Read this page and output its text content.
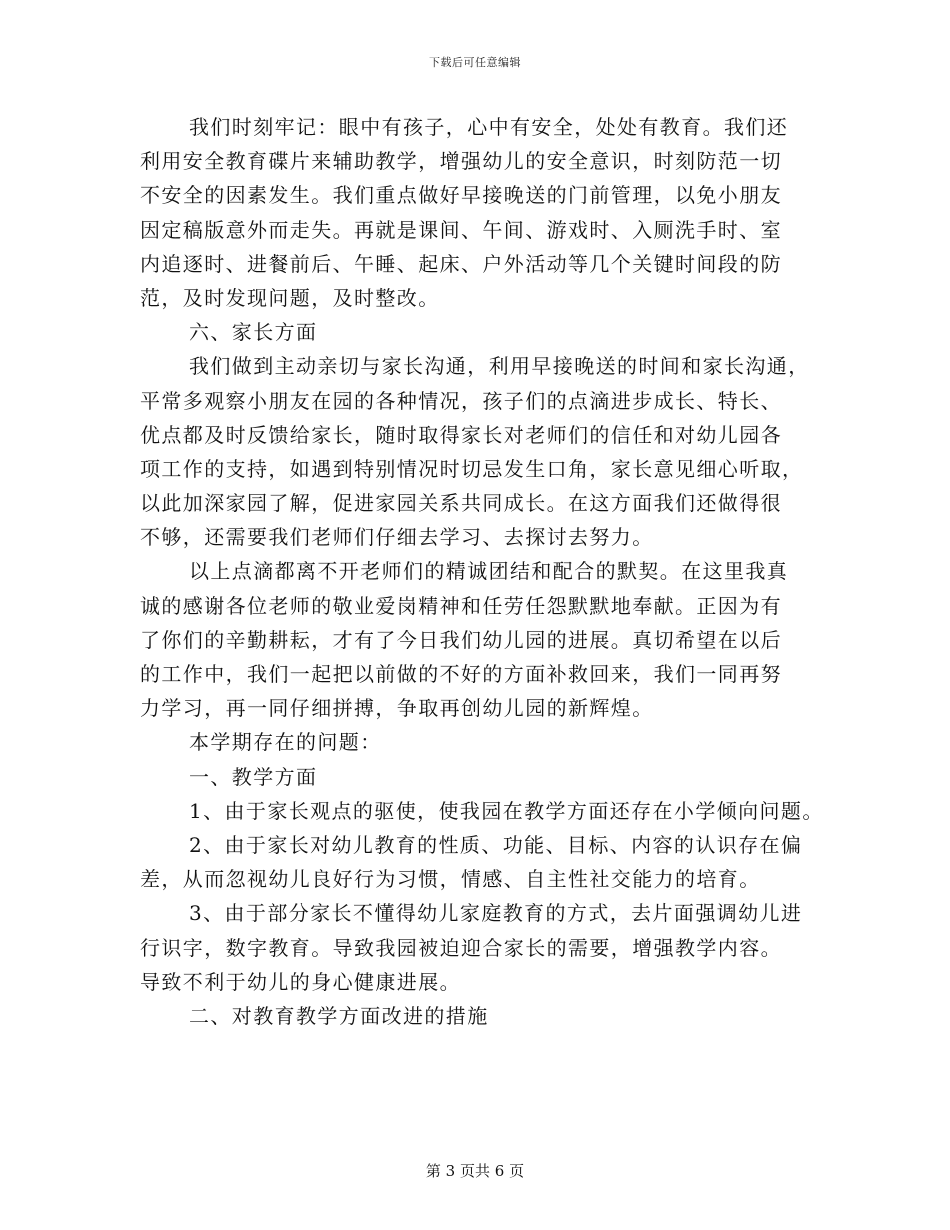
下载后可任意编辑
我们时刻牢记：眼中有孩子，心中有安全，处处有教育。我们还
利用安全教育碟片来辅助教学，增强幼儿的安全意识，时刻防范一切
不安全的因素发生。我们重点做好早接晚送的门前管理，以免小朋友
因定稿版意外而走失。再就是课间、午间、游戏时、入厕洗手时、室
内追逐时、进餐前后、午睡、起床、户外活动等几个关键时间段的防
范，及时发现问题，及时整改。
六、家长方面
我们做到主动亲切与家长沟通，利用早接晚送的时间和家长沟通，
平常多观察小朋友在园的各种情况，孩子们的点滴进步成长、特长、
优点都及时反馈给家长，随时取得家长对老师们的信任和对幼儿园各
项工作的支持，如遇到特别情况时切忌发生口角，家长意见细心听取，
以此加深家园了解，促进家园关系共同成长。在这方面我们还做得很
不够，还需要我们老师们仔细去学习、去探讨去努力。
以上点滴都离不开老师们的精诚团结和配合的默契。在这里我真
诚的感谢各位老师的敬业爱岗精神和任劳任怨默默地奉献。正因为有
了你们的辛勤耕耘，才有了今日我们幼儿园的进展。真切希望在以后
的工作中，我们一起把以前做的不好的方面补救回来，我们一同再努
力学习，再一同仔细拼搏，争取再创幼儿园的新辉煌。
本学期存在的问题：
一、教学方面
1、由于家长观点的驱使，使我园在教学方面还存在小学倾向问题。
2、由于家长对幼儿教育的性质、功能、目标、内容的认识存在偏
差，从而忽视幼儿良好行为习惯，情感、自主性社交能力的培育。
3、由于部分家长不懂得幼儿家庭教育的方式，去片面强调幼儿进
行识字，数字教育。导致我园被迫迎合家长的需要，增强教学内容。
导致不利于幼儿的身心健康进展。
二、对教育教学方面改进的措施
第 3 页共 6 页
